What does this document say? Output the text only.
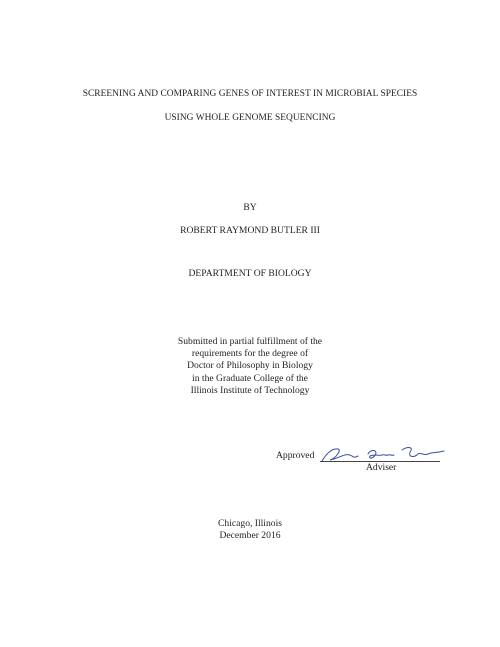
SCREENING AND COMPARING GENES OF INTEREST IN MICROBIAL SPECIES
USING WHOLE GENOME SEQUENCING
BY
ROBERT RAYMOND BUTLER III
DEPARTMENT OF BIOLOGY
Submitted in partial fulfillment of the
requirements for the degree of
Doctor of Philosophy in Biology
in the Graduate College of the
Illinois Institute of Technology
Approved
Adviser
Chicago, Illinois
December 2016
